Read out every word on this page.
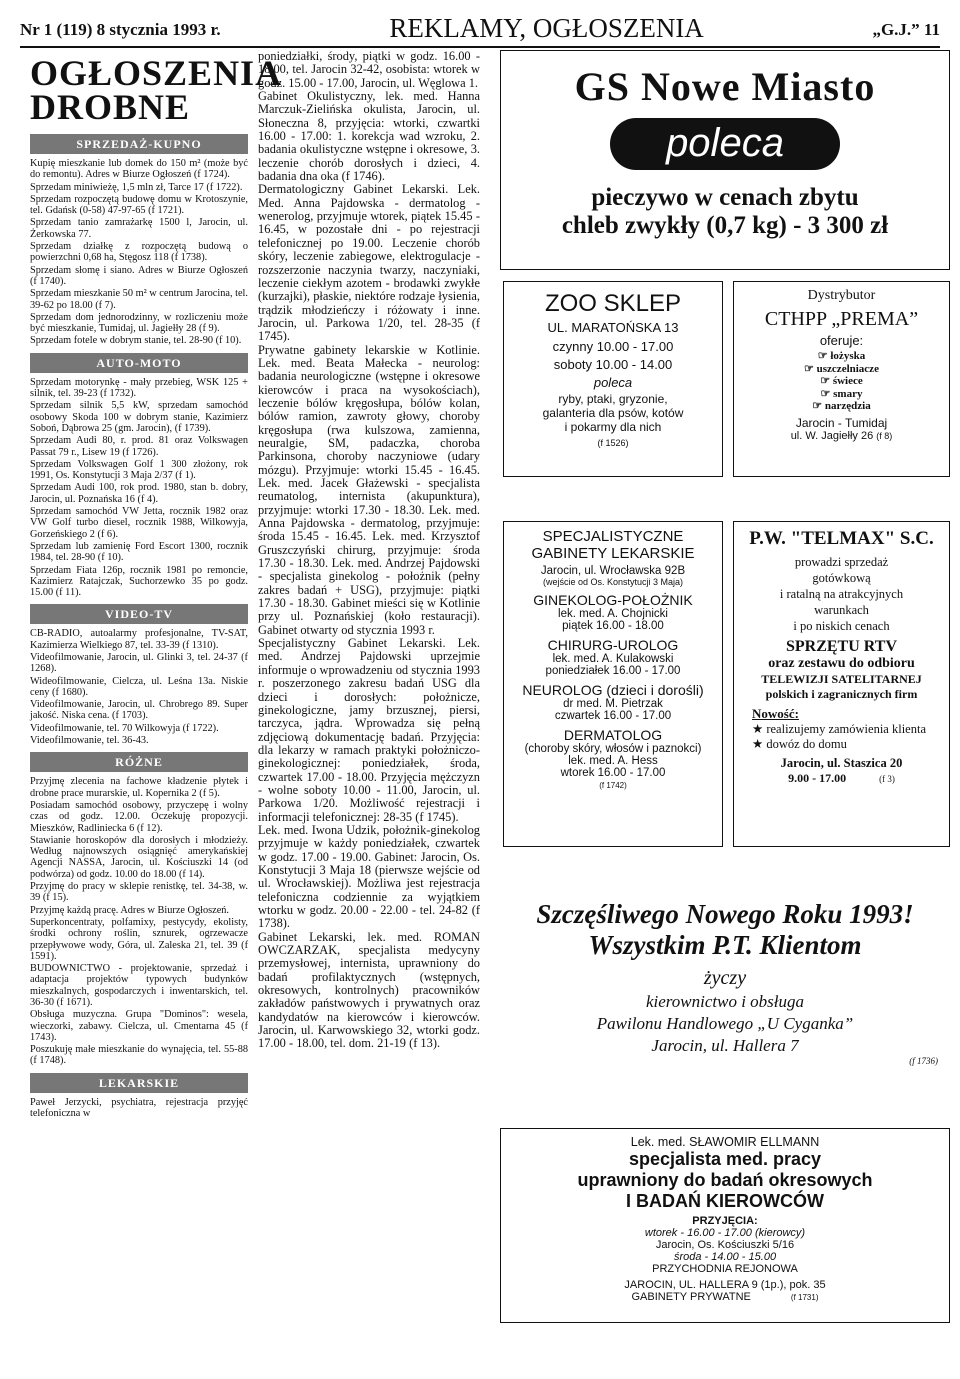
Nr 1 (119) 8 stycznia 1993 r.	REKLAMY, OGŁOSZENIA	„G.J.” 11
OGŁOSZENIA DROBNE
SPRZEDAŻ-KUPNO

Kupię mieszkanie lub domek do 150 m² (może być do remontu). Adres w Biurze Ogłoszeń (f 1724).

Sprzedam miniwieżę, 1,5 mln zł, Tarce 17 (f 1722).

Sprzedam rozpoczętą budowę domu w Krotoszynie, tel. Gdańsk (0-58) 47-97-65 (f 1721).

Sprzedam tanio zamrażarkę 1500 l, Jarocin, ul. Żerkowska 77.

Sprzedam działkę z rozpoczętą budową o powierzchni 0,68 ha, Stęgosz 118 (f 1738).

Sprzedam słomę i siano. Adres w Biurze Ogłoszeń (f 1740).

Sprzedam mieszkanie 50 m² w centrum Jarocina, tel. 39-62 po 18.00 (f 7).

Sprzedam dom jednorodzinny, w rozliczeniu może być mieszkanie, Tumidaj, ul. Jagiełły 28 (f 9).

Sprzedam fotele w dobrym stanie, tel. 28-90 (f 10).

AUTO-MOTO

Sprzedam motorynkę - mały przebieg, WSK 125 + silnik, tel. 39-23 (f 1732).

Sprzedam silnik 5,5 kW, sprzedam samochód osobowy Skoda 100 w dobrym stanie, Kazimierz Soboń, Dąbrowa 25 (gm. Jarocin), (f 1739).

Sprzedam Audi 80, r. prod. 81 oraz Volkswagen Passat 79 r., Lisew 19 (f 1726).

Sprzedam Volkswagen Golf 1 300 złożony, rok 1991, Os. Konstytucji 3 Maja 2/37 (f 1).

Sprzedam Audi 100, rok prod. 1980, stan b. dobry, Jarocin, ul. Poznańska 16 (f 4).

Sprzedam samochód VW Jetta, rocznik 1982 oraz VW Golf turbo diesel, rocznik 1988, Wilkowyja, Gorzeńskiego 2 (f 6).

Sprzedam lub zamienię Ford Escort 1300, rocznik 1984, tel. 28-90 (f 10).

Sprzedam Fiata 126p, rocznik 1981 po remoncie, Kazimierz Ratajczak, Suchorzewko 35 po godz. 15.00 (f 11).

VIDEO-TV

CB-RADIO, autoalarmy profesjonalne, TV-SAT, Kazimierza Wielkiego 87, tel. 33-39 (f 1310).

Videofilmowanie, Jarocin, ul. Glinki 3, tel. 24-37 (f 1268).

Wideofilmowanie, Cielcza, ul. Leśna 13a. Niskie ceny (f 1680).

Videofilmowanie, Jarocin, ul. Chrobrego 89. Super jakość. Niska cena. (f 1703).

Videofilmowanie, tel. 70 Wilkowyja (f 1722).

Videofilmowanie, tel. 36-43.

RÓŻNE

Przyjmę zlecenia na fachowe kładzenie płytek i drobne prace murarskie, ul. Kopernika 2 (f 5).

Posiadam samochód osobowy, przyczepę i wolny czas od godz. 12.00. Oczekuję propozycji. Mieszków, Radlinieckа 6 (f 12).

Stawianie horoskopów dla dorosłych i młodzieży. Według najnowszych osiągnięć amerykańskiej Agencji NASSA, Jarocin, ul. Kościuszki 14 (od podwórza) od godz. 10.00 do 18.00 (f 14).

Przyjmę do pracy w sklepie renistkę, tel. 34-38, w. 39 (f 15).

Przyjmę każdą pracę. Adres w Biurze Ogłoszeń.

Superkoncentraty, polfamixy, pestycydy, ekolisty, środki ochrony roślin, sznurek, ogrzewacze przepływowe wody, Góra, ul. Zaleska 21, tel. 39 (f 1591).

BUDOWNICTWO - projektowanie, sprzedaż i adaptacja projektów typowych budynków mieszkalnych, gospodarczych i inwentarskich, tel. 36-30 (f 1671).

Obsługa muzyczna. Grupa "Dominos": wesela, wieczorki, zabawy. Cielcza, ul. Cmentarna 45 (f 1743).

Poszukuję małe mieszkanie do wynajęcia, tel. 55-88 (f 1748).

LEKARSKIE

Paweł Jerzycki, psychiatra, rejestracja przyjęć telefoniczna w

poniedziałki, środy, piątki w godz. 16.00 - 18.00, tel. Jarocin 32-42, osobista: wtorek w godz. 15.00 - 17.00, Jarocin, ul. Węglowa 1.

Gabinet Okulistyczny, lek. med. Hanna Marczuk-Zielińska okulista, Jarocin, ul. Słoneczna 8, przyjęcia: wtorki, czwartki 16.00 - 17.00: 1. korekcja wad wzroku, 2. badania okulistyczne wstępne i okresowe, 3. leczenie chorób dorosłych i dzieci, 4. badania dna oka (f 1746).

Dermatologiczny Gabinet Lekarski. Lek. Med. Anna Pajdowska - dermatolog - wenerolog, przyjmuje wtorek, piątek 15.45 - 16.45, w pozostałe dni - po rejestracji telefonicznej po 19.00. Leczenie chorób skóry, leczenie zabiegowe, elektrogulacje - rozszerzonie naczynia twarzy, naczyniaki, leczenie ciekłym azotem - brodawki zwykłe (kurzajki), płaskie, niektóre rodzaje łysienia, trądzik młodzieńczy i różowaty i inne. Jarocin, ul. Parkowa 1/20, tel. 28-35 (f 1745).

Prywatne gabinety lekarskie w Kotlinie. Lek. med. Beata Małecka - neurolog: badania neurologiczne (wstępne i okresowe kierowców i praca na wysokościach), leczenie bólów kręgosłupa, bólów kolan, bólów ramion, zawroty głowy, choroby kręgosłupa (rwa kulszowa, zamienna, neuralgie, SM, padaczka, choroba Parkinsona, choroby naczyniowe (udary mózgu). Przyjmuje: wtorki 15.45 - 16.45. Lek. med. Jacek Głażewski - specjalista reumatolog, internista (akupunktura), przyjmuje: wtorki 17.30 - 18.30. Lek. med. Anna Pajdowska - dermatolog, przyjmuje: środa 15.45 - 16.45. Lek. med. Krzysztof Gruszczyński chirurg, przyjmuje: środa 17.30 - 18.30. Lek. med. Andrzej Pajdowski - specjalista ginekolog - położnik (pełny zakres badań + USG), przyjmuje: piątki 17.30 - 18.30. Gabinet mieści się w Kotlinie przy ul. Poznańskiej (koło restauracji). Gabinet otwarty od stycznia 1993 r.

Specjalistyczny Gabinet Lekarski. Lek. med. Andrzej Pajdowski uprzejmie informuje o wprowadzeniu od stycznia 1993 r. poszerzonego zakresu badań USG dla dzieci i dorosłych: położnicze, ginekologiczne, jamy brzusznej, piersi, tarczyca, jądra. Wprowadza się pełną zdjęciową dokumentację badań. Przyjęcia: dla lekarzy w ramach praktyki położniczo-ginekologicznej: poniedziałek, środa, czwartek 17.00 - 18.00. Przyjęcia mężczyzn - wolne soboty 10.00 - 11.00, Jarocin, ul. Parkowa 1/20. Możliwość rejestracji i informacji telefonicznej: 28-35 (f 1745).

Lek. med. Iwona Udzik, położnik-ginekolog przyjmuje w każdy poniedziałek, czwartek w godz. 17.00 - 19.00. Gabinet: Jarocin, Os. Konstytucji 3 Maja 18 (pierwsze wejście od ul. Wrocławskiej). Możliwa jest rejestracja telefoniczna codziennie za wyjątkiem wtorku w godz. 20.00 - 22.00 - tel. 24-82 (f 1738).

Gabinet Lekarski, lek. med. ROMAN OWCZARZAK, specjalista medycyny przemysłowej, internista, uprawniony do badań profilaktycznych (wstępnych, okresowych, kontrolnych) pracowników zakładów państwowych i prywatnych oraz kandydatów na kierowców i kierowców. Jarocin, ul. Karwowskiego 32, wtorki godz. 17.00 - 18.00, tel. dom. 21-19 (f 13).

GS Nowe Miasto
poleca
pieczywo w cenach zbytu
chleb zwykły (0,7 kg) - 3 300 zł
ZOO SKLEP
UL. MARATOŃSKA 13
czynny 10.00 - 17.00
soboty 10.00 - 14.00
poleca
ryby, ptaki, gryzonie,
galanteria dla psów, kotów
i pokarmy dla nich
(f 1526)
Dystrybutor
CTHPP „PREMA”
oferuje:
☞ łożyska
☞ uszczelniacze
☞ świece
☞ smary
☞ narzędzia
Jarocin - Tumidaj
ul. W. Jagiełły 26 (f 8)
SPECJALISTYCZNE
GABINETY LEKARSKIE
Jarocin, ul. Wrocławska 92B
(wejście od Os. Konstytucji 3 Maja)
GINEKOLOG-POŁOŻNIK
lek. med. A. Chojnicki
piątek 16.00 - 18.00
CHIRURG-UROLOG
lek. med. A. Kulakowski
poniedziałek 16.00 - 17.00
NEUROLOG (dzieci i dorośli)
dr med. M. Pietrzak
czwartek 16.00 - 17.00
DERMATOLOG
(choroby skóry, włosów i paznokci)
lek. med. A. Hess
wtorek 16.00 - 17.00
(f 1742)
P.W. "TELMAX" S.C.
prowadzi sprzedaż
gotówkową
i ratalną na atrakcyjnych
warunkach
i po niskich cenach
SPRZĘTU RTV
oraz zestawu do odbioru
TELEWIZJI SATELITARNEJ
polskich i zagranicznych firm
Nowość:
★ realizujemy zamówienia klienta
★ dowóz do domu
Jarocin, ul. Staszica 20
9.00 - 17.00	(f 3)
Szczęśliwego Nowego Roku 1993!
Wszystkim P.T. Klientom
życzy
kierownictwo i obsługa
Pawilonu Handlowego „U Cyganka”
Jarocin, ul. Hallera 7
(f 1736)
Lek. med. SŁAWOMIR ELLMANN
specjalista med. pracy
uprawniony do badań okresowych
I BADAŃ KIEROWCÓW
PRZYJĘCIA:
wtorek - 16.00 - 17.00 (kierowcy)
Jarocin, Os. Kościuszki 5/16
środa - 14.00 - 15.00
PRZYCHODNIA REJONOWA
JAROCIN, UL. HALLERA 9 (1p.), pok. 35
GABINETY PRYWATNE	(f 1731)
